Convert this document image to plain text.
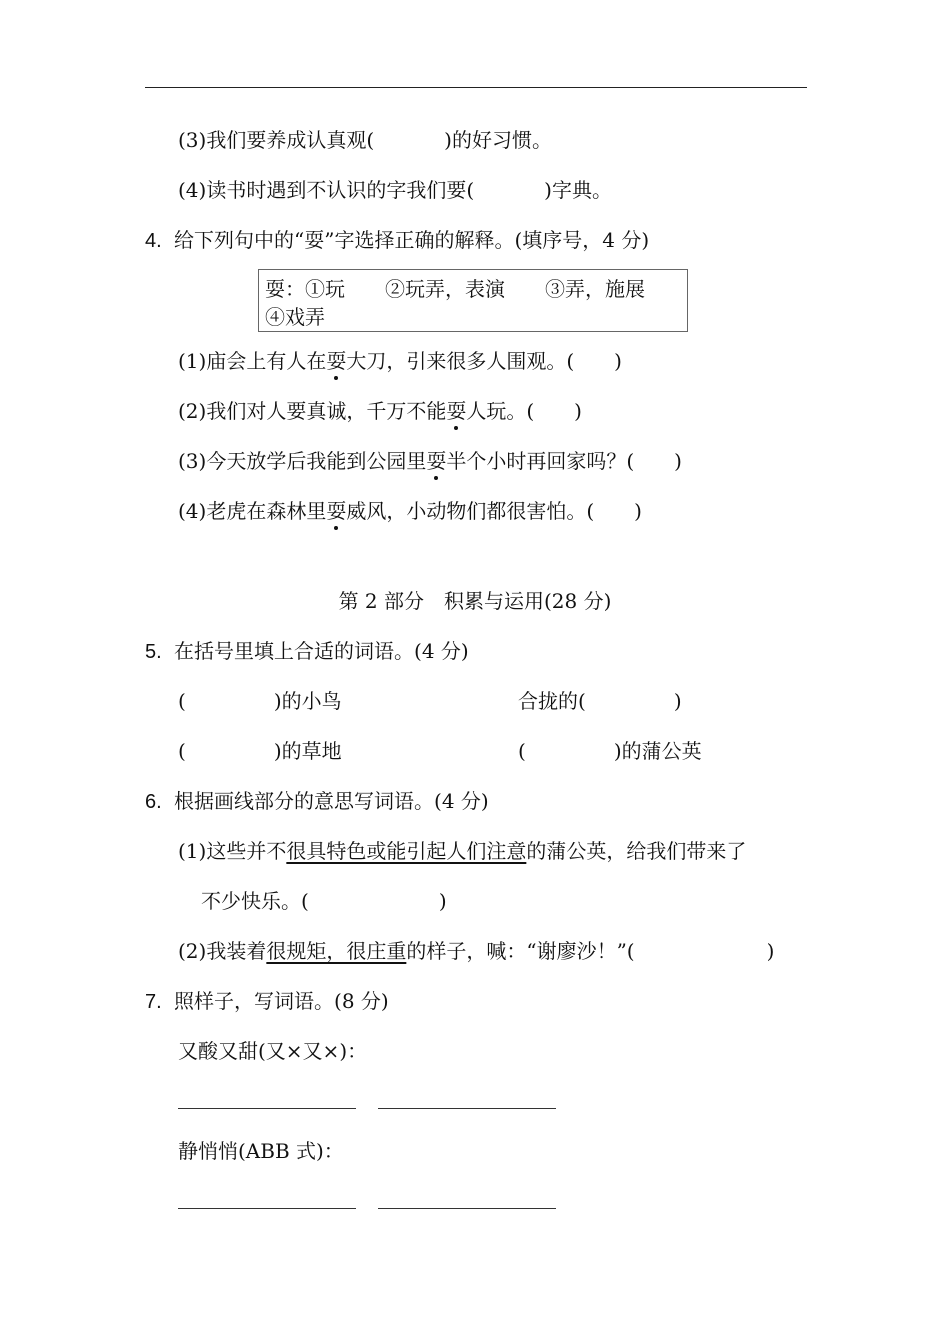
(3)我们要养成认真观(	)的好习惯。
(4)读书时遇到不认识的字我们要(	)字典。
4. 给下列句中的“耍”字选择正确的解释。(填序号，4 分)
耍：①玩　　②玩弄，表演　　③弄，施展
④戏弄
(1)庙会上有人在耍大刀，引来很多人围观。(　　)
(2)我们对人要真诚，千万不能耍人玩。(　　)
(3)今天放学后我能到公园里耍半个小时再回家吗？(　　)
(4)老虎在森林里耍威风，小动物们都很害怕。(　　)
第 2 部分　积累与运用(28 分)
5. 在括号里填上合适的词语。(4 分)
(	)的小鸟	合拢的(	)
(	)的草地	(	)的蒲公英
6. 根据画线部分的意思写词语。(4 分)
(1)这些并不很具特色或能引起人们注意的蒲公英，给我们带来了
不少快乐。(	)
(2)我装着很规矩，很庄重的样子，喊：“谢廖沙！”(	)
7. 照样子，写词语。(8 分)
又酸又甜(又×又×)：
静悄悄(ABB 式)：
